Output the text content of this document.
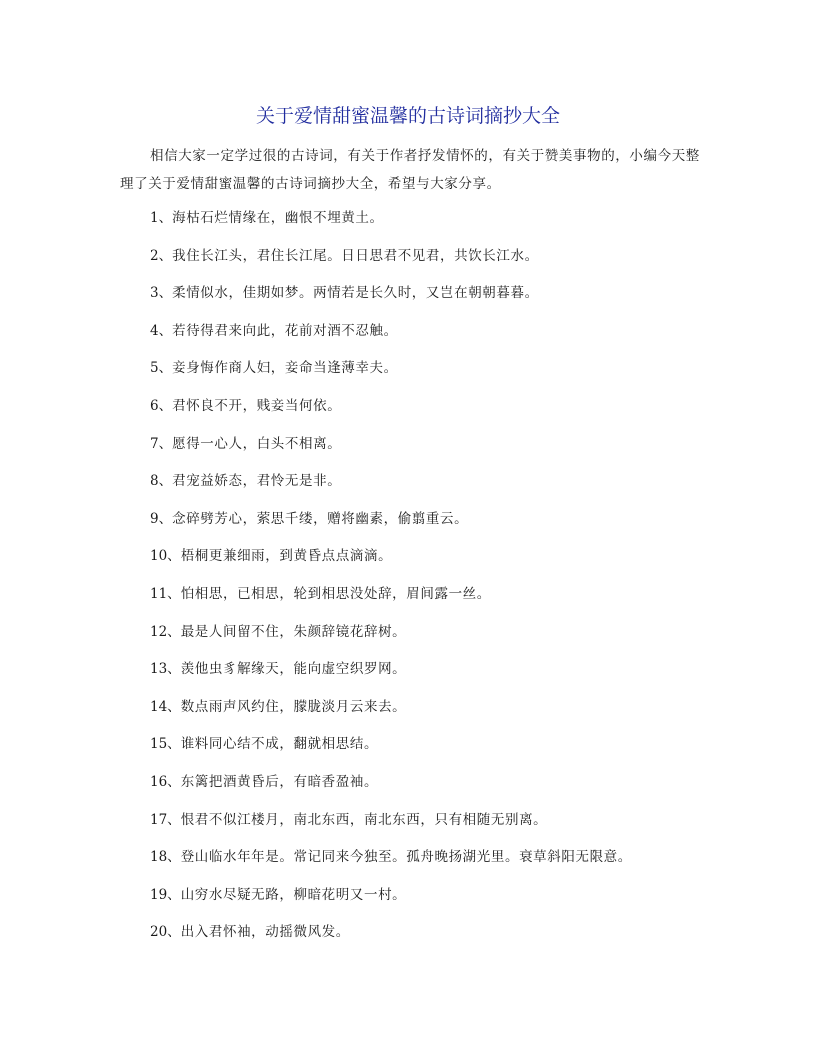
关于爱情甜蜜温馨的古诗词摘抄大全
相信大家一定学过很的古诗词，有关于作者抒发情怀的，有关于赞美事物的，小编今天整理了关于爱情甜蜜温馨的古诗词摘抄大全，希望与大家分享。
1、海枯石烂情缘在，幽恨不埋黄土。
2、我住长江头，君住长江尾。日日思君不见君，共饮长江水。
3、柔情似水，佳期如梦。两情若是长久时，又岂在朝朝暮暮。
4、若待得君来向此，花前对酒不忍触。
5、妾身悔作商人妇，妾命当逢薄幸夫。
6、君怀良不开，贱妾当何依。
7、愿得一心人，白头不相离。
8、君宠益娇态，君怜无是非。
9、念碎劈芳心，萦思千缕，赠将幽素，偷翦重云。
10、梧桐更兼细雨，到黄昏点点滴滴。
11、怕相思，已相思，轮到相思没处辞，眉间露一丝。
12、最是人间留不住，朱颜辞镜花辞树。
13、羡他虫豸解缘天，能向虚空织罗网。
14、数点雨声风约住，朦胧淡月云来去。
15、谁料同心结不成，翻就相思结。
16、东篱把酒黄昏后，有暗香盈袖。
17、恨君不似江楼月，南北东西，南北东西，只有相随无别离。
18、登山临水年年是。常记同来今独至。孤舟晚扬湖光里。衰草斜阳无限意。
19、山穷水尽疑无路，柳暗花明又一村。
20、出入君怀袖，动摇微风发。
